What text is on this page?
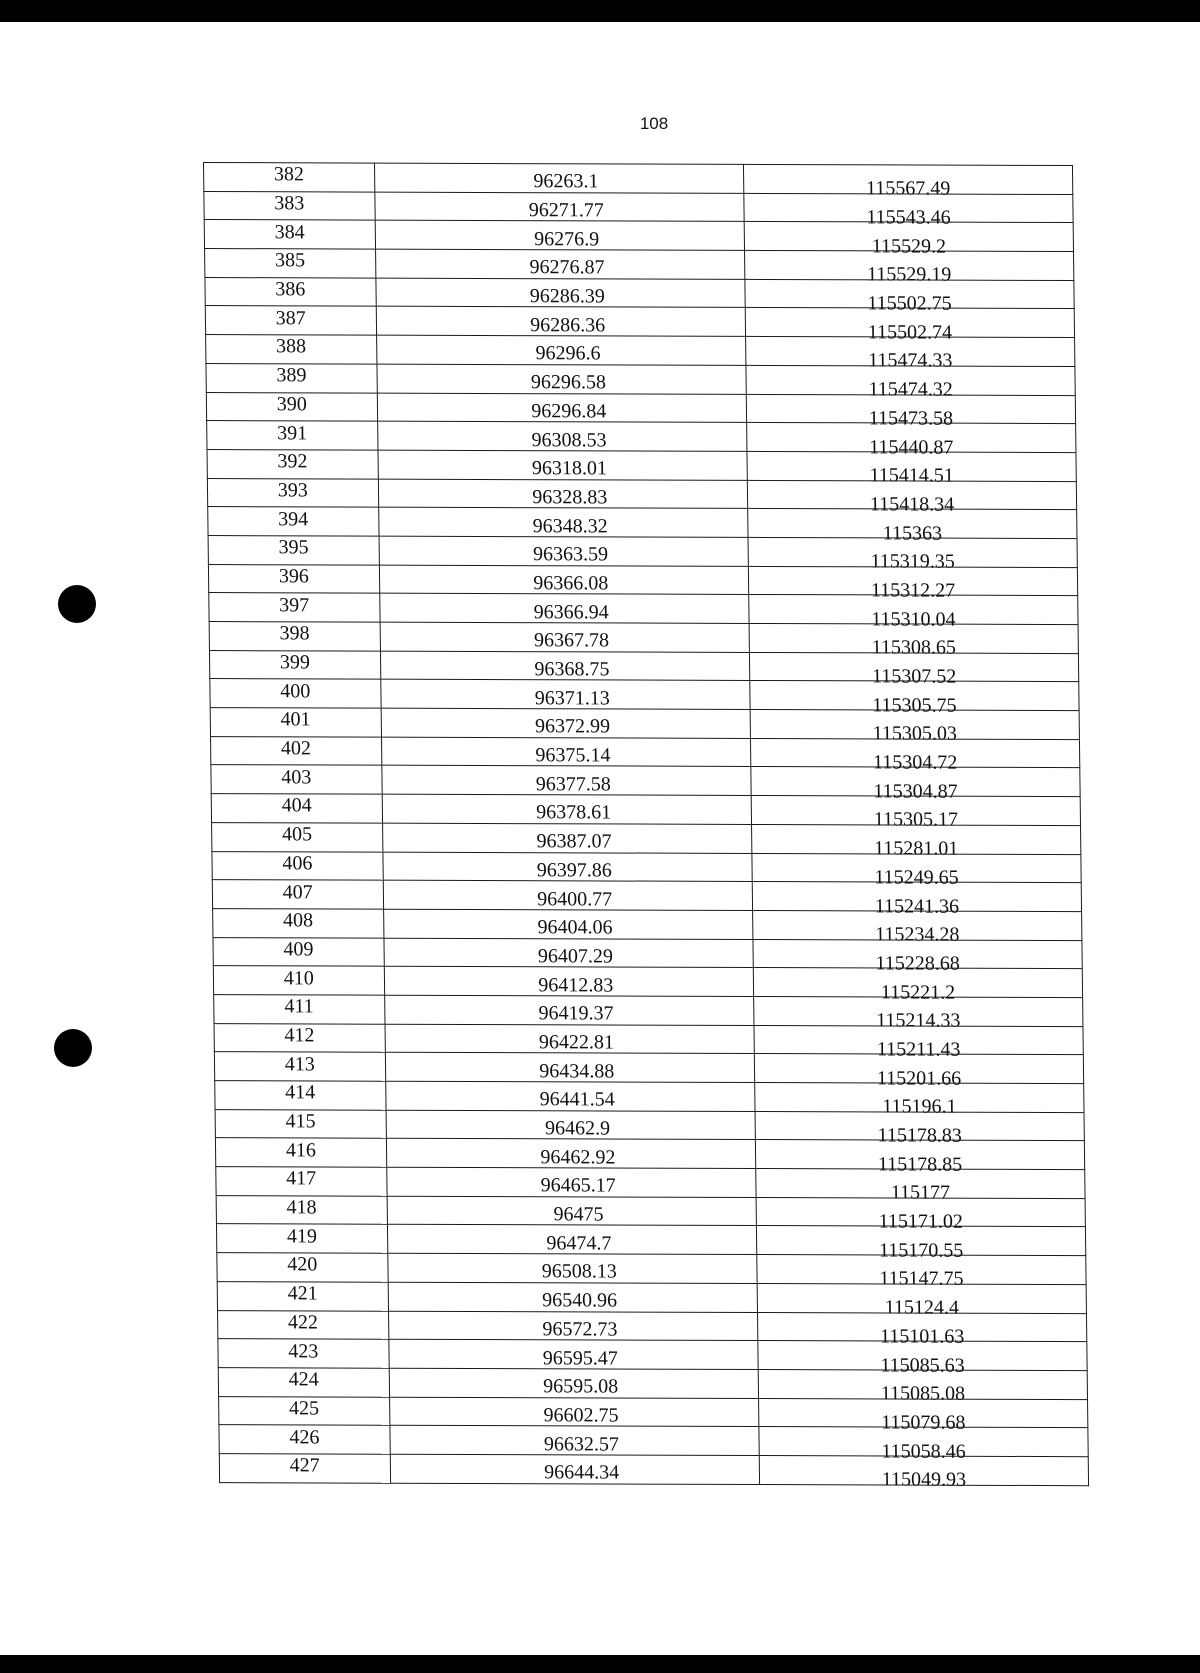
108
382	96263.1	115567.49
383	96271.77	115543.46
384	96276.9	115529.2
385	96276.87	115529.19
386	96286.39	115502.75
387	96286.36	115502.74
388	96296.6	115474.33
389	96296.58	115474.32
390	96296.84	115473.58
391	96308.53	115440.87
392	96318.01	115414.51
393	96328.83	115418.34
394	96348.32	115363
395	96363.59	115319.35
396	96366.08	115312.27
397	96366.94	115310.04
398	96367.78	115308.65
399	96368.75	115307.52
400	96371.13	115305.75
401	96372.99	115305.03
402	96375.14	115304.72
403	96377.58	115304.87
404	96378.61	115305.17
405	96387.07	115281.01
406	96397.86	115249.65
407	96400.77	115241.36
408	96404.06	115234.28
409	96407.29	115228.68
410	96412.83	115221.2
411	96419.37	115214.33
412	96422.81	115211.43
413	96434.88	115201.66
414	96441.54	115196.1
415	96462.9	115178.83
416	96462.92	115178.85
417	96465.17	115177
418	96475	115171.02
419	96474.7	115170.55
420	96508.13	115147.75
421	96540.96	115124.4
422	96572.73	115101.63
423	96595.47	115085.63
424	96595.08	115085.08
425	96602.75	115079.68
426	96632.57	115058.46
427	96644.34	115049.93
